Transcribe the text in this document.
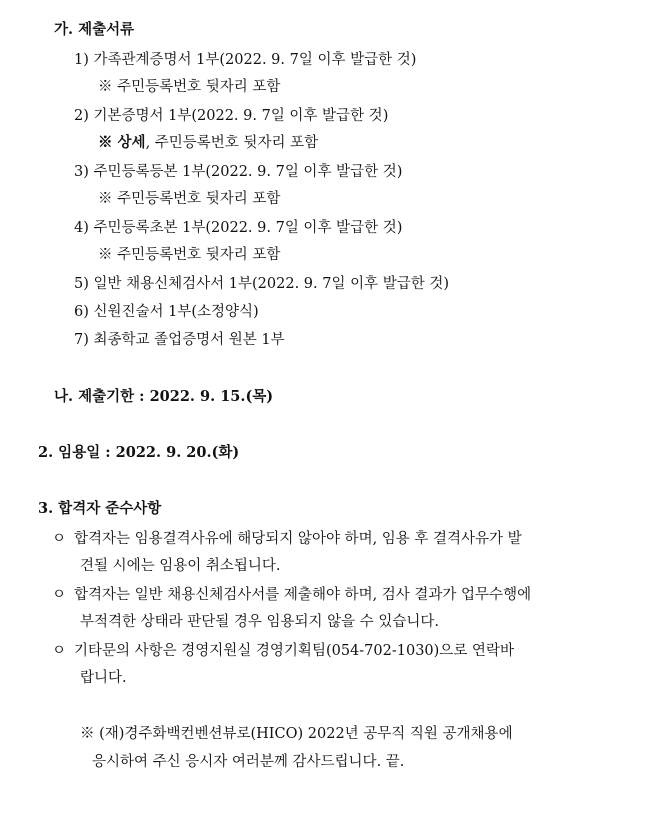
가. 제출서류
1) 가족관계증명서 1부(2022. 9. 7일 이후 발급한 것)
※ 주민등록번호 뒷자리 포함
2) 기본증명서 1부(2022. 9. 7일 이후 발급한 것)
※ 상세, 주민등록번호 뒷자리 포함
3) 주민등록등본 1부(2022. 9. 7일 이후 발급한 것)
※ 주민등록번호 뒷자리 포함
4) 주민등록초본 1부(2022. 9. 7일 이후 발급한 것)
※ 주민등록번호 뒷자리 포함
5) 일반 채용신체검사서 1부(2022. 9. 7일 이후 발급한 것)
6) 신원진술서 1부(소정양식)
7) 최종학교 졸업증명서 원본 1부
나. 제출기한 : 2022. 9. 15.(목)
2. 임용일 : 2022. 9. 20.(화)
3. 합격자 준수사항
ㅇ 합격자는 임용결격사유에 해당되지 않아야 하며, 임용 후 결격사유가 발
견될 시에는 임용이 취소됩니다.
ㅇ 합격자는 일반 채용신체검사서를 제출해야 하며, 검사 결과가 업무수행에
부적격한 상태라 판단될 경우 임용되지 않을 수 있습니다.
ㅇ 기타문의 사항은 경영지원실 경영기획팀(054-702-1030)으로 연락바
랍니다.
※ (재)경주화백컨벤션뷰로(HICO) 2022년 공무직 직원 공개채용에
응시하여 주신 응시자 여러분께 감사드립니다. 끝.
